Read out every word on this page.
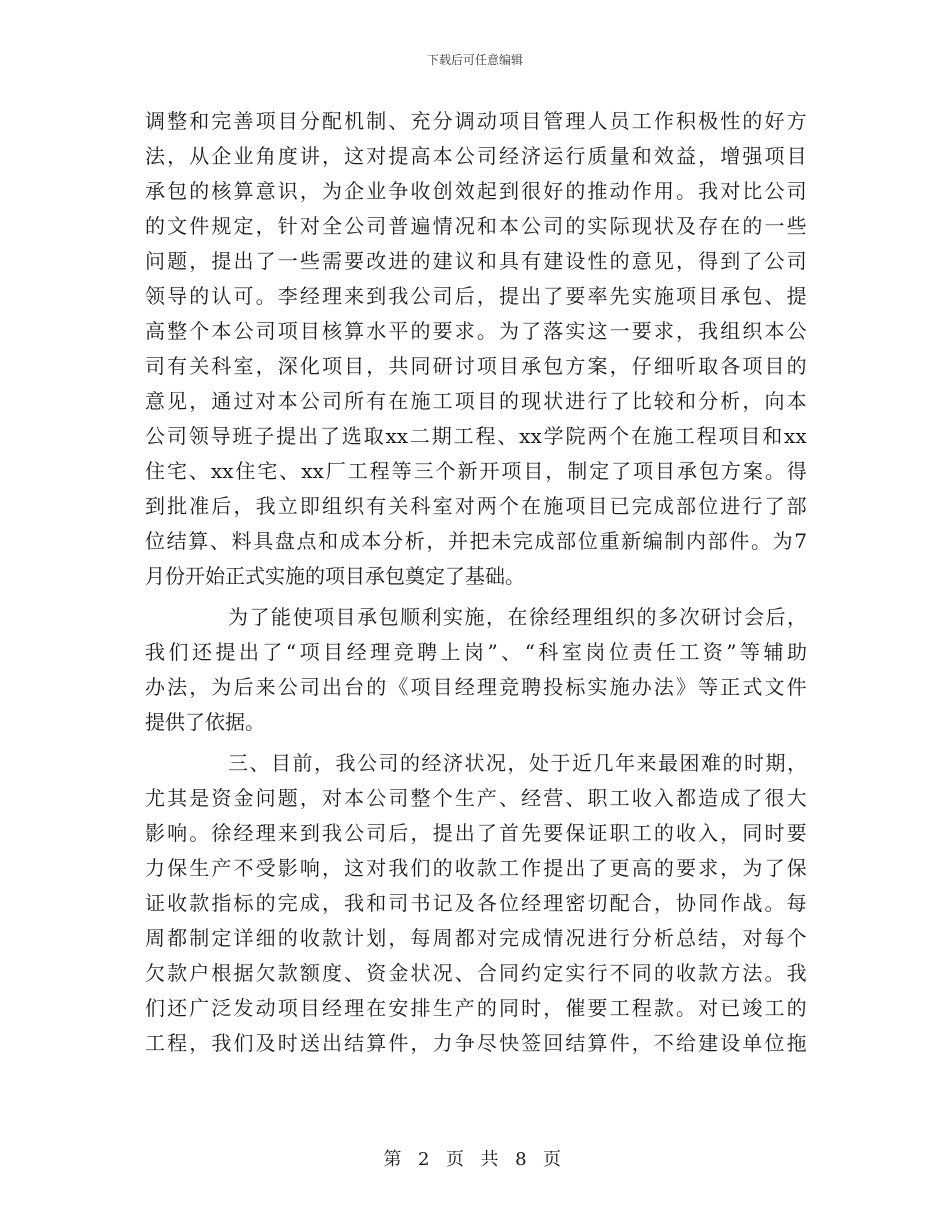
下载后可任意编辑
调 整 和 完 善 项 目 分 配 机 制 、 充 分 调 动 项 目 管 理 人 员 工 作 积 极 性 的 好 方
法 ， 从 企 业 角 度 讲 ， 这 对 提 高 本 公 司 经 济 运 行 质 量 和 效 益 ， 增 强 项 目
承 包 的 核 算 意 识 ， 为 企 业 争 收 创 效 起 到 很 好 的 推 动 作 用 。 我 对 比 公 司
的 文 件 规 定 ， 针 对 全 公 司 普 遍 情 况 和 本 公 司 的 实 际 现 状 及 存 在 的 一 些
问 题 ， 提 出 了 一 些 需 要 改 进 的 建 议 和 具 有 建 设 性 的 意 见 ， 得 到 了 公 司
领 导 的 认 可 。 李 经 理 来 到 我 公 司 后 ， 提 出 了 要 率 先 实 施 项 目 承 包 、 提
高 整 个 本 公 司 项 目 核 算 水 平 的 要 求 。 为 了 落 实 这 一 要 求 ， 我 组 织 本 公
司 有 关 科 室 ， 深 化 项 目 ， 共 同 研 讨 项 目 承 包 方 案 ， 仔 细 听 取 各 项 目 的
意 见 ， 通 过 对 本 公 司 所 有 在 施 工 项 目 的 现 状 进 行 了 比 较 和 分 析 ， 向 本
公 司 领 导 班 子 提 出 了 选 取 xx 二 期 工 程 、 xx 学 院 两 个 在 施 工 程 项 目 和 xx
住 宅 、 xx 住 宅 、 xx 厂 工 程 等 三 个 新 开 项 目 ， 制 定 了 项 目 承 包 方 案 。 得
到 批 准 后 ， 我 立 即 组 织 有 关 科 室 对 两 个 在 施 项 目 已 完 成 部 位 进 行 了 部
位 结 算 、 料 具 盘 点 和 成 本 分 析 ， 并 把 未 完 成 部 位 重 新 编 制 内 部 件 。 为 7
月份开始正式实施的项目承包奠定了基础。
为 了 能 使 项 目 承 包 顺 利 实 施 ， 在 徐 经 理 组 织 的 多 次 研 讨 会 后 ，
我 们 还 提 出 了 “ 项 目 经 理 竞 聘 上 岗 ” 、 “ 科 室 岗 位 责 任 工 资 ” 等 辅 助
办 法 ， 为 后 来 公 司 出 台 的 《 项 目 经 理 竞 聘 投 标 实 施 办 法 》 等 正 式 文 件
提供了依据。
三 、 目 前 ， 我 公 司 的 经 济 状 况 ， 处 于 近 几 年 来 最 困 难 的 时 期 ，
尤 其 是 资 金 问 题 ， 对 本 公 司 整 个 生 产 、 经 营 、 职 工 收 入 都 造 成 了 很 大
影 响 。 徐 经 理 来 到 我 公 司 后 ， 提 出 了 首 先 要 保 证 职 工 的 收 入 ， 同 时 要
力 保 生 产 不 受 影 响 ， 这 对 我 们 的 收 款 工 作 提 出 了 更 高 的 要 求 ， 为 了 保
证 收 款 指 标 的 完 成 ， 我 和 司 书 记 及 各 位 经 理 密 切 配 合 ， 协 同 作 战 。 每
周 都 制 定 详 细 的 收 款 计 划 ， 每 周 都 对 完 成 情 况 进 行 分 析 总 结 ， 对 每 个
欠 款 户 根 据 欠 款 额 度 、 资 金 状 况 、 合 同 约 定 实 行 不 同 的 收 款 方 法 。 我
们 还 广 泛 发 动 项 目 经 理 在 安 排 生 产 的 同 时 ， 催 要 工 程 款 。 对 已 竣 工 的
工 程 ， 我 们 及 时 送 出 结 算 件 ， 力 争 尽 快 签 回 结 算 件 ， 不 给 建 设 单 位 拖
第 2 页 共 8 页
